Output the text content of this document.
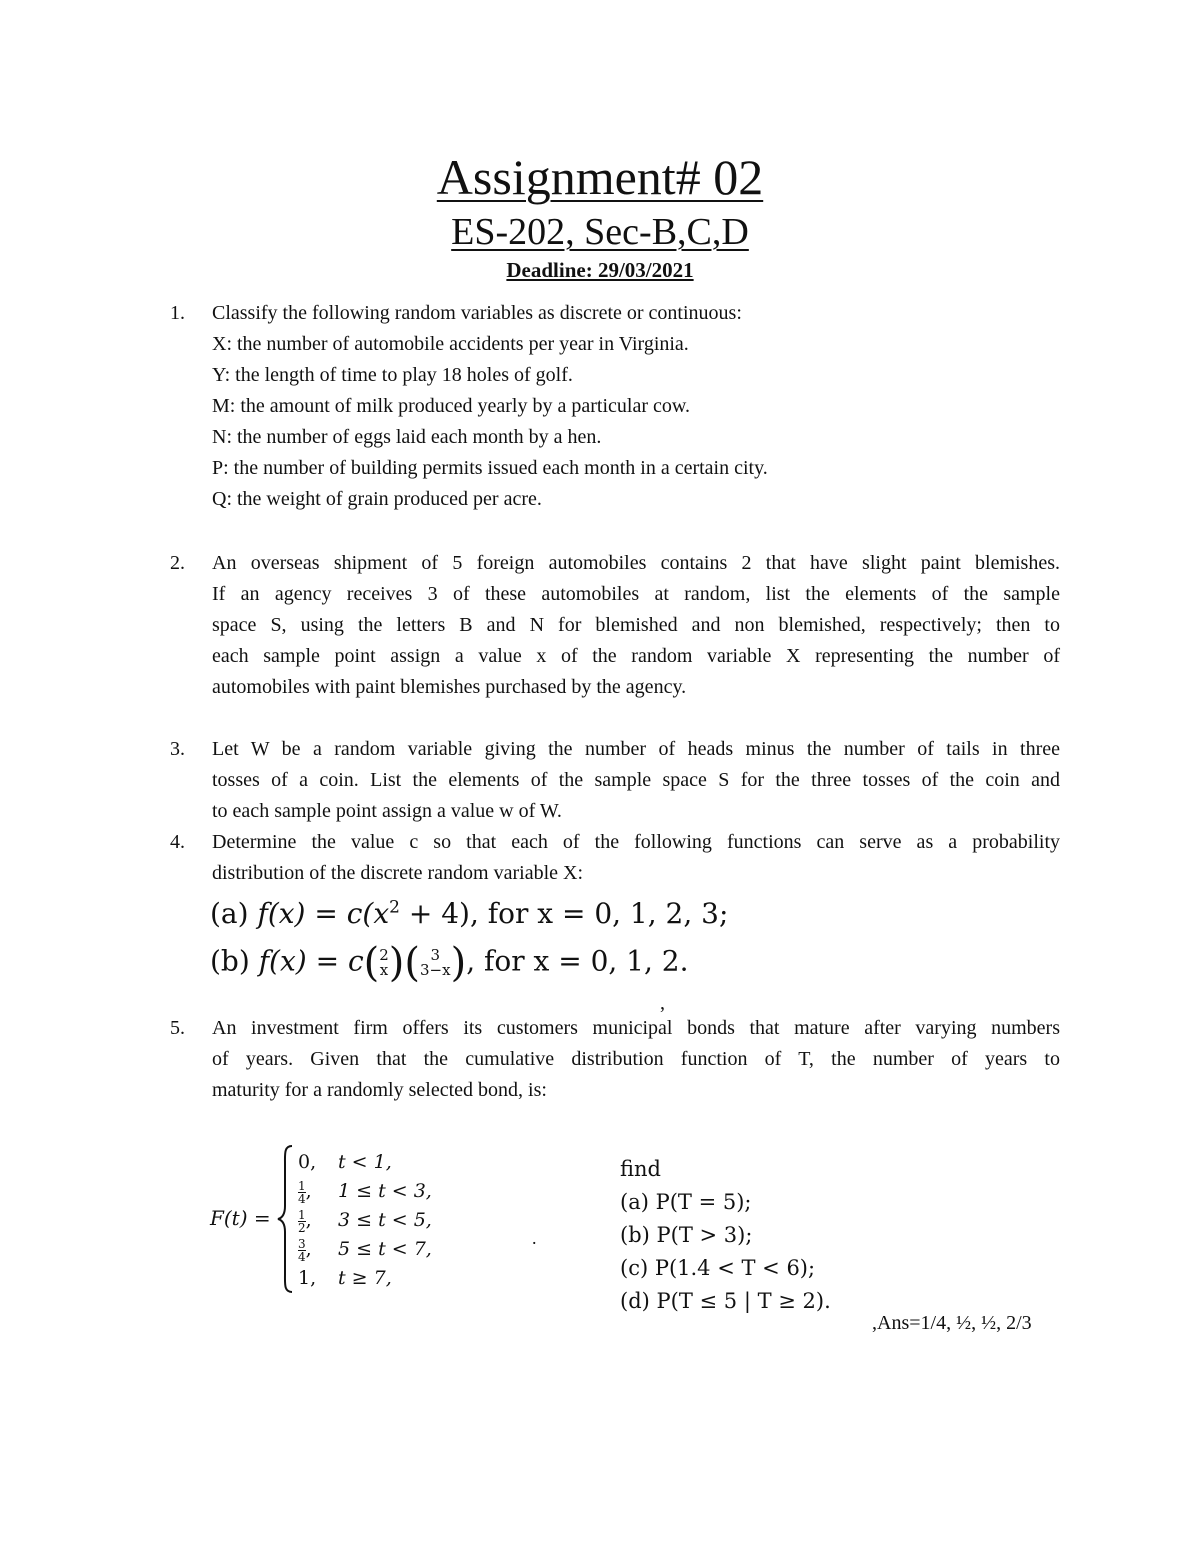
Assignment# 02
ES-202, Sec-B,C,D
Deadline: 29/03/2021
1. Classify the following random variables as discrete or continuous:
X: the number of automobile accidents per year in Virginia.
Y: the length of time to play 18 holes of golf.
M: the amount of milk produced yearly by a particular cow.
N: the number of eggs laid each month by a hen.
P: the number of building permits issued each month in a certain city.
Q: the weight of grain produced per acre.
2. An overseas shipment of 5 foreign automobiles contains 2 that have slight paint blemishes.
If an agency receives 3 of these automobiles at random, list the elements of the sample
space S, using the letters B and N for blemished and non blemished, respectively; then to
each sample point assign a value x of the random variable X representing the number of
automobiles with paint blemishes purchased by the agency.
3. Let W be a random variable giving the number of heads minus the number of tails in three
tosses of a coin. List the elements of the sample space S for the three tosses of the coin and
to each sample point assign a value w of W.
4. Determine the value c so that each of the following functions can serve as a probability
distribution of the discrete random variable X:
(a) $f(x) = c(x^2 + 4)$, for x = 0, 1, 2, 3;
(b) f(x) = c( 2
x )( 3
3−x ), for x = 0, 1, 2.
,
5. An investment firm offers its customers municipal bonds that mature after varying numbers
of years. Given that the cumulative distribution function of T, the number of years to
maturity for a randomly selected bond, is:
F(t) =
0, t < 1,
$\frac{1}{4}$ , 1 ≤ t < 3,
$\frac{1}{2}$ , 3 ≤ t < 5,
$\frac{3}{4}$ , 5 ≤ t < 7,
1, t ≥ 7,
.
find
(a) P(T = 5);
(b) P(T > 3);
(c) P(1.4 < T < 6);
(d) P(T ≤ 5 | T ≥ 2).
,Ans=1/4, ½, ½, 2/3
